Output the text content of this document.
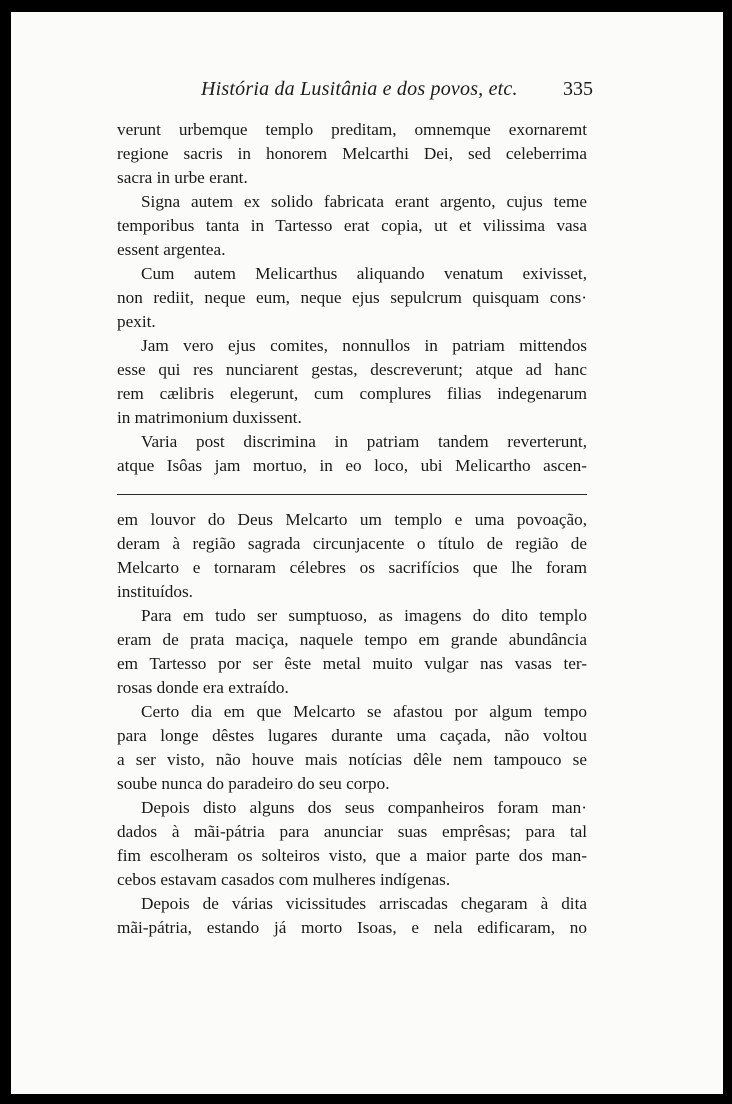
História da Lusitânia e dos povos, etc. 335
verunt urbemque templo preditam, omnemque exornaremt
regione sacris in honorem Melcarthi Dei, sed celeberrima
sacra in urbe erant.
Signa autem ex solido fabricata erant argento, cujus teme
temporibus tanta in Tartesso erat copia, ut et vilissima vasa
essent argentea.
Cum autem Melicarthus aliquando venatum exivisset,
non rediit, neque eum, neque ejus sepulcrum quisquam cons·
pexit.
Jam vero ejus comites, nonnullos in patriam mittendos
esse qui res nunciarent gestas, descreverunt; atque ad hanc
rem cælibris elegerunt, cum complures filias indegenarum
in matrimonium duxissent.
Varia post discrimina in patriam tandem reverterunt,
atque Isôas jam mortuo, in eo loco, ubi Melicartho ascen-
em louvor do Deus Melcarto um templo e uma povoação,
deram à região sagrada circunjacente o título de região de
Melcarto e tornaram célebres os sacrifícios que lhe foram
instituídos.
Para em tudo ser sumptuoso, as imagens do dito templo
eram de prata maciça, naquele tempo em grande abundância
em Tartesso por ser êste metal muito vulgar nas vasas ter-
rosas donde era extraído.
Certo dia em que Melcarto se afastou por algum tempo
para longe dêstes lugares durante uma caçada, não voltou
a ser visto, não houve mais notícias dêle nem tampouco se
soube nunca do paradeiro do seu corpo.
Depois disto alguns dos seus companheiros foram man·
dados à mãi-pátria para anunciar suas emprêsas; para tal
fim escolheram os solteiros visto, que a maior parte dos man-
cebos estavam casados com mulheres indígenas.
Depois de várias vicissitudes arriscadas chegaram à dita
mãi-pátria, estando já morto Isoas, e nela edificaram, no
